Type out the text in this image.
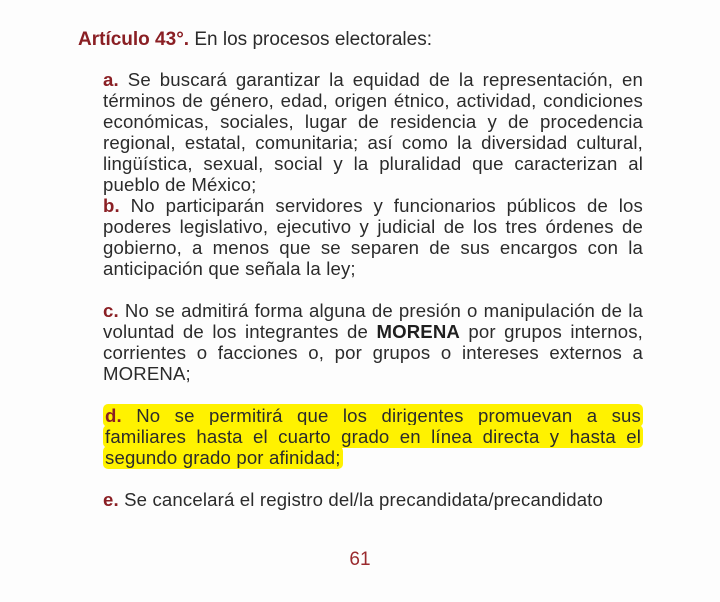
Artículo 43°. En los procesos electorales:

a. Se buscará garantizar la equidad de la representación, en términos de género, edad, origen étnico, actividad, condiciones económicas, sociales, lugar de residencia y de procedencia regional, estatal, comunitaria; así como la diversidad cultural, lingüística, sexual, social y la pluralidad que caracterizan al pueblo de México;

b. No participarán servidores y funcionarios públicos de los poderes legislativo, ejecutivo y judicial de los tres órdenes de gobierno, a menos que se separen de sus encargos con la anticipación que señala la ley;

c. No se admitirá forma alguna de presión o manipulación de la voluntad de los integrantes de MORENA por grupos internos, corrientes o facciones o, por grupos o intereses externos a MORENA;

d. No se permitirá que los dirigentes promuevan a sus familiares hasta el cuarto grado en línea directa y hasta el segundo grado por afinidad;

e. Se cancelará el registro del/la precandidata/precandidato

61
